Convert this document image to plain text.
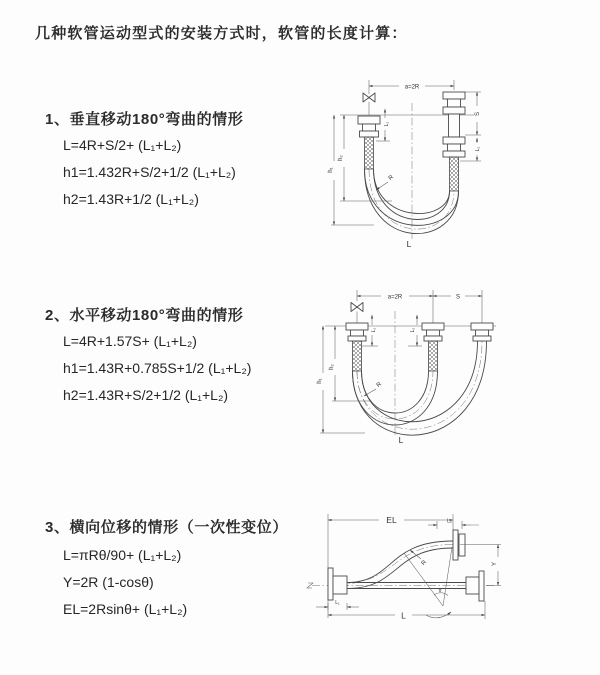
几种软管运动型式的安装方式时，软管的长度计算：
1、垂直移动180°弯曲的情形
L=4R+S/2+ (L₁+L₂)
h1=1.432R+S/2+1/2 (L₁+L₂)
h2=1.43R+1/2 (L₁+L₂)
a=2R
S
L₂
L₁
h₁
h₂
R
L
2、水平移动180°弯曲的情形
L=4R+1.57S+ (L₁+L₂)
h1=1.43R+0.785S+1/2 (L₁+L₂)
h2=1.43R+S/2+1/2 (L₁+L₂)
a=2R	S
L₁	L₂
h₁
h₂
R
L
3、横向位移的情形（一次性变位）
L=πRθ/90+ (L₁+L₂)
Y=2R (1-cosθ)
EL=2Rsinθ+ (L₁+L₂)
EL	L₂
θ
R	Y
L₁
L
